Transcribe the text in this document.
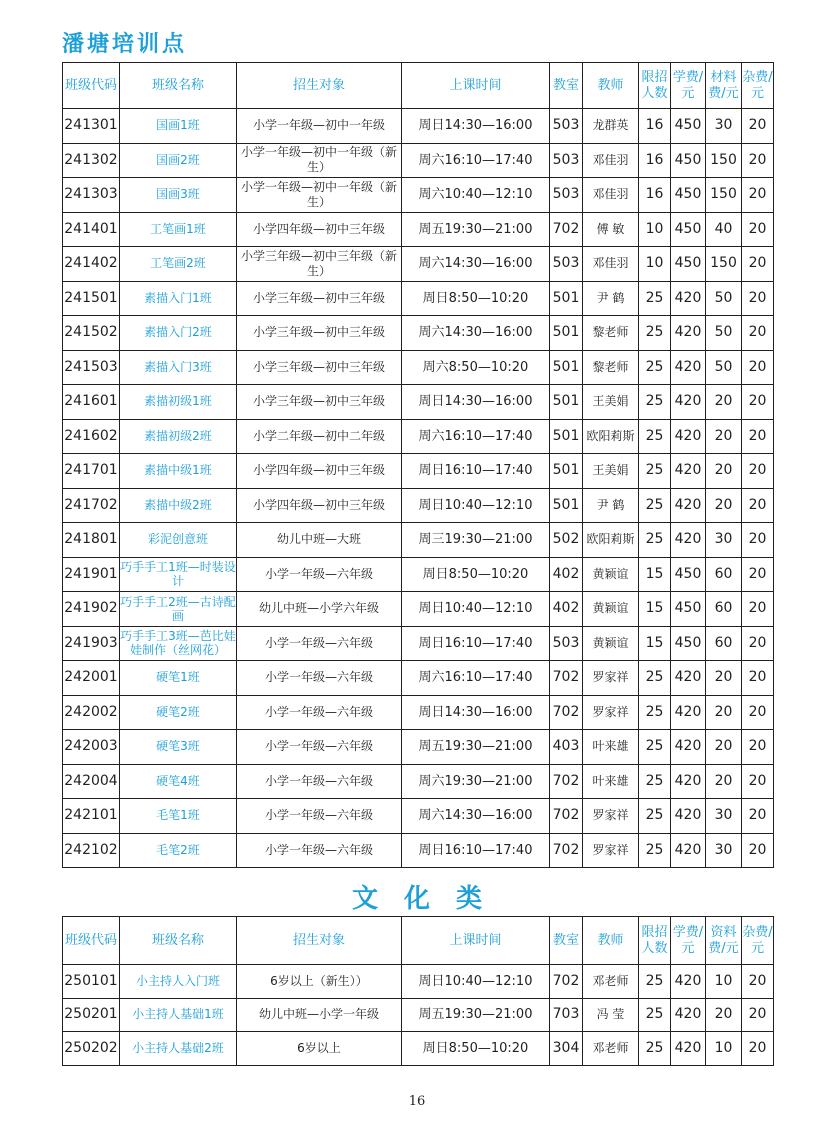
潘塘培训点
班级代码	班级名称	招生对象	上课时间	教室	教师	限招人数	学费/元	材料费/元	杂费/元
241301	国画1班	小学一年级—初中一年级	周日14:30—16:00	503	龙群英	16	450	30	20
241302	国画2班	小学一年级—初中一年级（新生）	周六16:10—17:40	503	邓佳羽	16	450	150	20
241303	国画3班	小学一年级—初中一年级（新生）	周六10:40—12:10	503	邓佳羽	16	450	150	20
241401	工笔画1班	小学四年级—初中三年级	周五19:30—21:00	702	傅 敏	10	450	40	20
241402	工笔画2班	小学三年级—初中三年级（新生）	周六14:30—16:00	503	邓佳羽	10	450	150	20
241501	素描入门1班	小学三年级—初中三年级	周日8:50—10:20	501	尹 鹤	25	420	50	20
241502	素描入门2班	小学三年级—初中三年级	周六14:30—16:00	501	黎老师	25	420	50	20
241503	素描入门3班	小学三年级—初中三年级	周六8:50—10:20	501	黎老师	25	420	50	20
241601	素描初级1班	小学三年级—初中三年级	周日14:30—16:00	501	王美娟	25	420	20	20
241602	素描初级2班	小学二年级—初中二年级	周六16:10—17:40	501	欧阳莉斯	25	420	20	20
241701	素描中级1班	小学四年级—初中三年级	周日16:10—17:40	501	王美娟	25	420	20	20
241702	素描中级2班	小学四年级—初中三年级	周日10:40—12:10	501	尹 鹤	25	420	20	20
241801	彩泥创意班	幼儿中班—大班	周三19:30—21:00	502	欧阳莉斯	25	420	30	20
241901	巧手手工1班—时装设计	小学一年级—六年级	周日8:50—10:20	402	黄颖谊	15	450	60	20
241902	巧手手工2班—古诗配画	幼儿中班—小学六年级	周日10:40—12:10	402	黄颖谊	15	450	60	20
241903	巧手手工3班—芭比娃娃制作（丝网花）	小学一年级—六年级	周日16:10—17:40	503	黄颖谊	15	450	60	20
242001	硬笔1班	小学一年级—六年级	周六16:10—17:40	702	罗家祥	25	420	20	20
242002	硬笔2班	小学一年级—六年级	周日14:30—16:00	702	罗家祥	25	420	20	20
242003	硬笔3班	小学一年级—六年级	周五19:30—21:00	403	叶来雄	25	420	20	20
242004	硬笔4班	小学一年级—六年级	周六19:30—21:00	702	叶来雄	25	420	20	20
242101	毛笔1班	小学一年级—六年级	周六14:30—16:00	702	罗家祥	25	420	30	20
242102	毛笔2班	小学一年级—六年级	周日16:10—17:40	702	罗家祥	25	420	30	20
文化类
班级代码	班级名称	招生对象	上课时间	教室	教师	限招人数	学费/元	资料费/元	杂费/元
250101	小主持人入门班	6岁以上（新生））	周日10:40—12:10	702	邓老师	25	420	10	20
250201	小主持人基础1班	幼儿中班—小学一年级	周五19:30—21:00	703	冯 莹	25	420	20	20
250202	小主持人基础2班	6岁以上	周日8:50—10:20	304	邓老师	25	420	10	20
16
